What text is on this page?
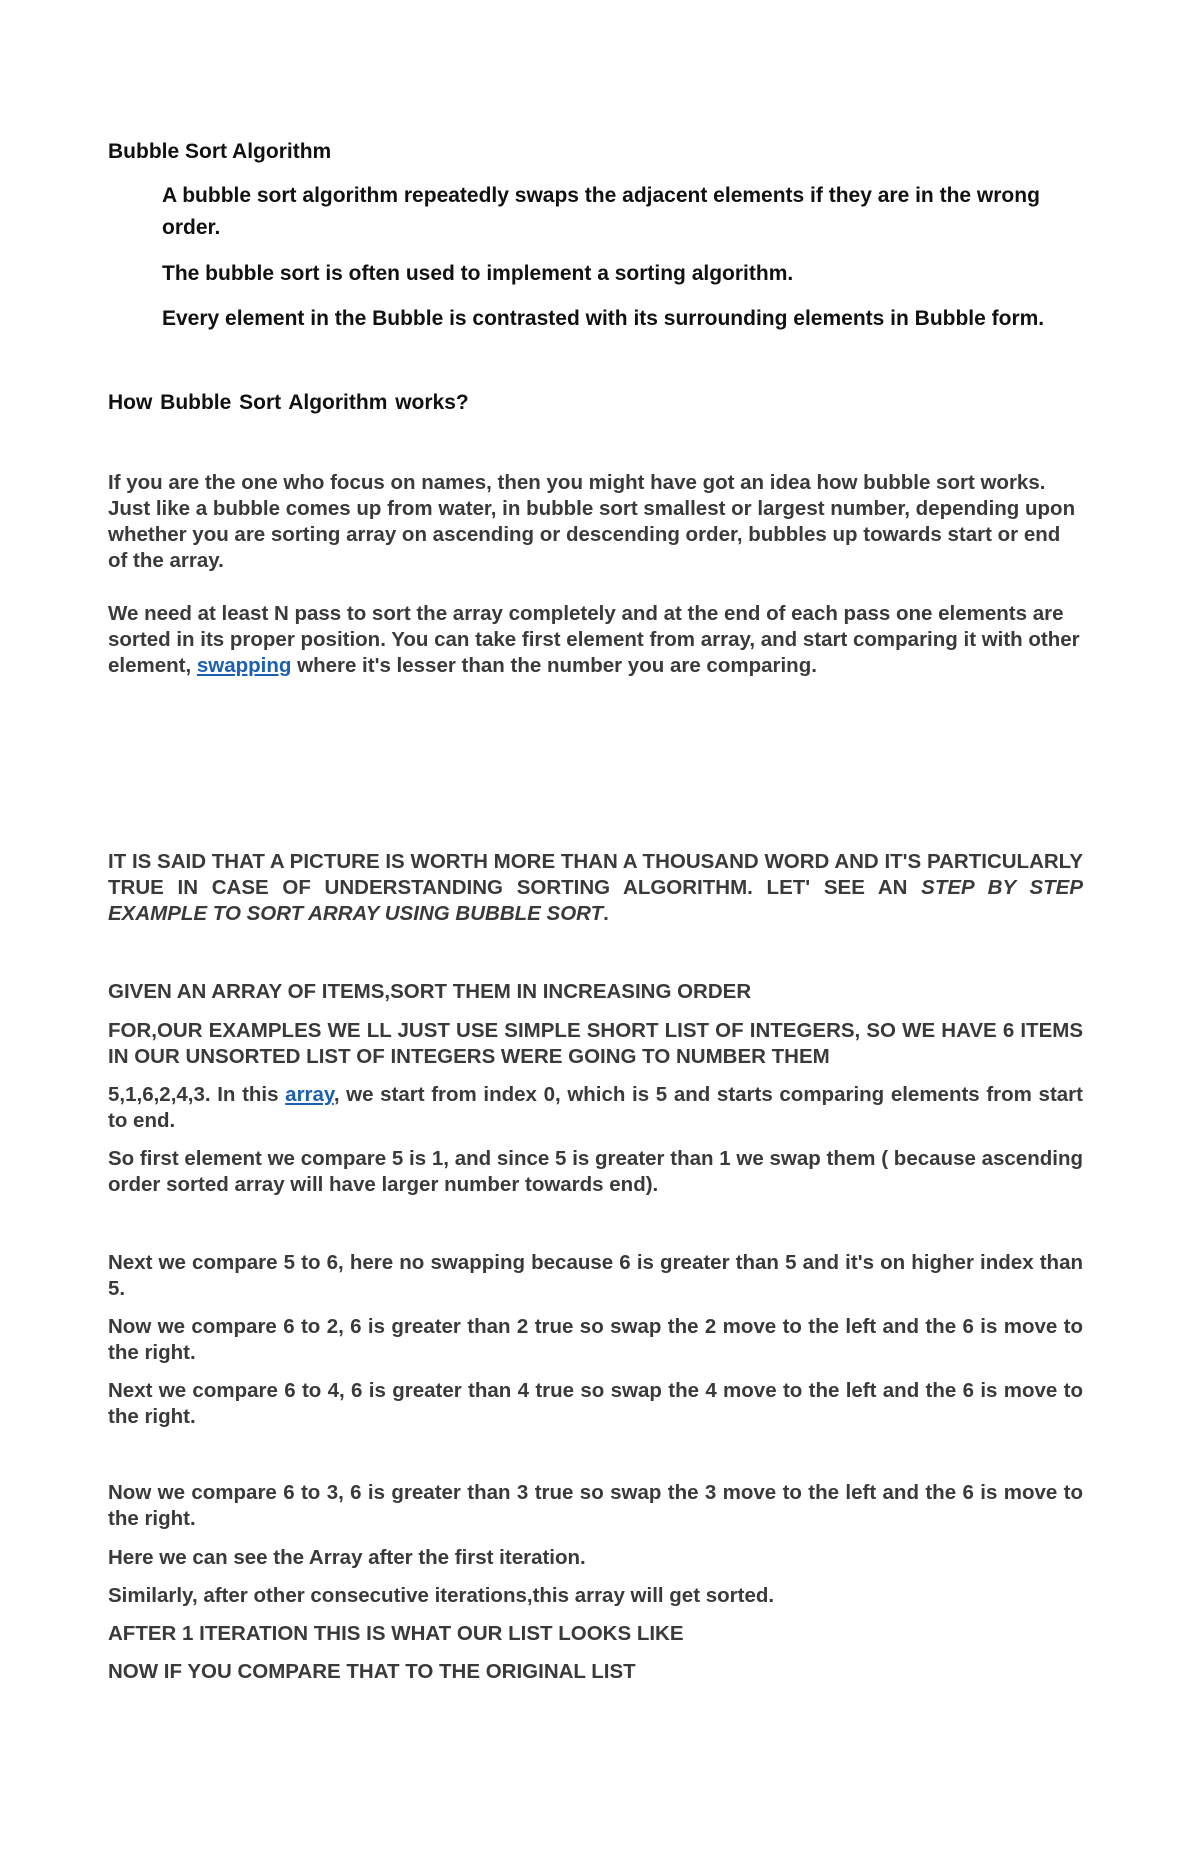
Bubble Sort Algorithm

A bubble sort algorithm repeatedly swaps the adjacent elements if they are in the wrong order.

The bubble sort is often used to implement a sorting algorithm.

Every element in the Bubble is contrasted with its surrounding elements in Bubble form.

How Bubble Sort Algorithm works?

If you are the one who focus on names, then you might have got an idea how bubble sort works. Just like a bubble comes up from water, in bubble sort smallest or largest number, depending upon whether you are sorting array on ascending or descending order, bubbles up towards start or end of the array.

We need at least N pass to sort the array completely and at the end of each pass one elements are sorted in its proper position. You can take first element from array, and start comparing it with other element, swapping where it's lesser than the number you are comparing.

IT IS SAID THAT A PICTURE IS WORTH MORE THAN A THOUSAND WORD AND IT'S PARTICULARLY TRUE IN CASE OF UNDERSTANDING SORTING ALGORITHM. LET' SEE AN STEP BY STEP EXAMPLE TO SORT ARRAY USING BUBBLE SORT.

GIVEN AN ARRAY OF ITEMS,SORT THEM IN INCREASING ORDER

FOR,OUR EXAMPLES WE LL JUST USE SIMPLE SHORT LIST OF INTEGERS, SO WE HAVE 6 ITEMS IN OUR UNSORTED LIST OF INTEGERS WERE GOING TO NUMBER THEM

5,1,6,2,4,3. In this array, we start from index 0, which is 5 and starts comparing elements from start to end.

So first element we compare 5 is 1, and since 5 is greater than 1 we swap them ( because ascending order sorted array will have larger number towards end).

Next we compare 5 to 6, here no swapping because 6 is greater than 5 and it's on higher index than 5.

Now we compare 6 to 2, 6 is greater than 2 true so swap the 2 move to the left and the 6 is move to the right.

Next we compare 6 to 4, 6 is greater than 4 true so swap the 4 move to the left and the 6 is move to the right.

Now we compare 6 to 3, 6 is greater than 3 true so swap the 3 move to the left and the 6 is move to the right.

Here we can see the Array after the first iteration.

Similarly, after other consecutive iterations,this array will get sorted.

AFTER 1 ITERATION THIS IS WHAT OUR LIST LOOKS LIKE

NOW IF YOU COMPARE THAT TO THE ORIGINAL LIST
